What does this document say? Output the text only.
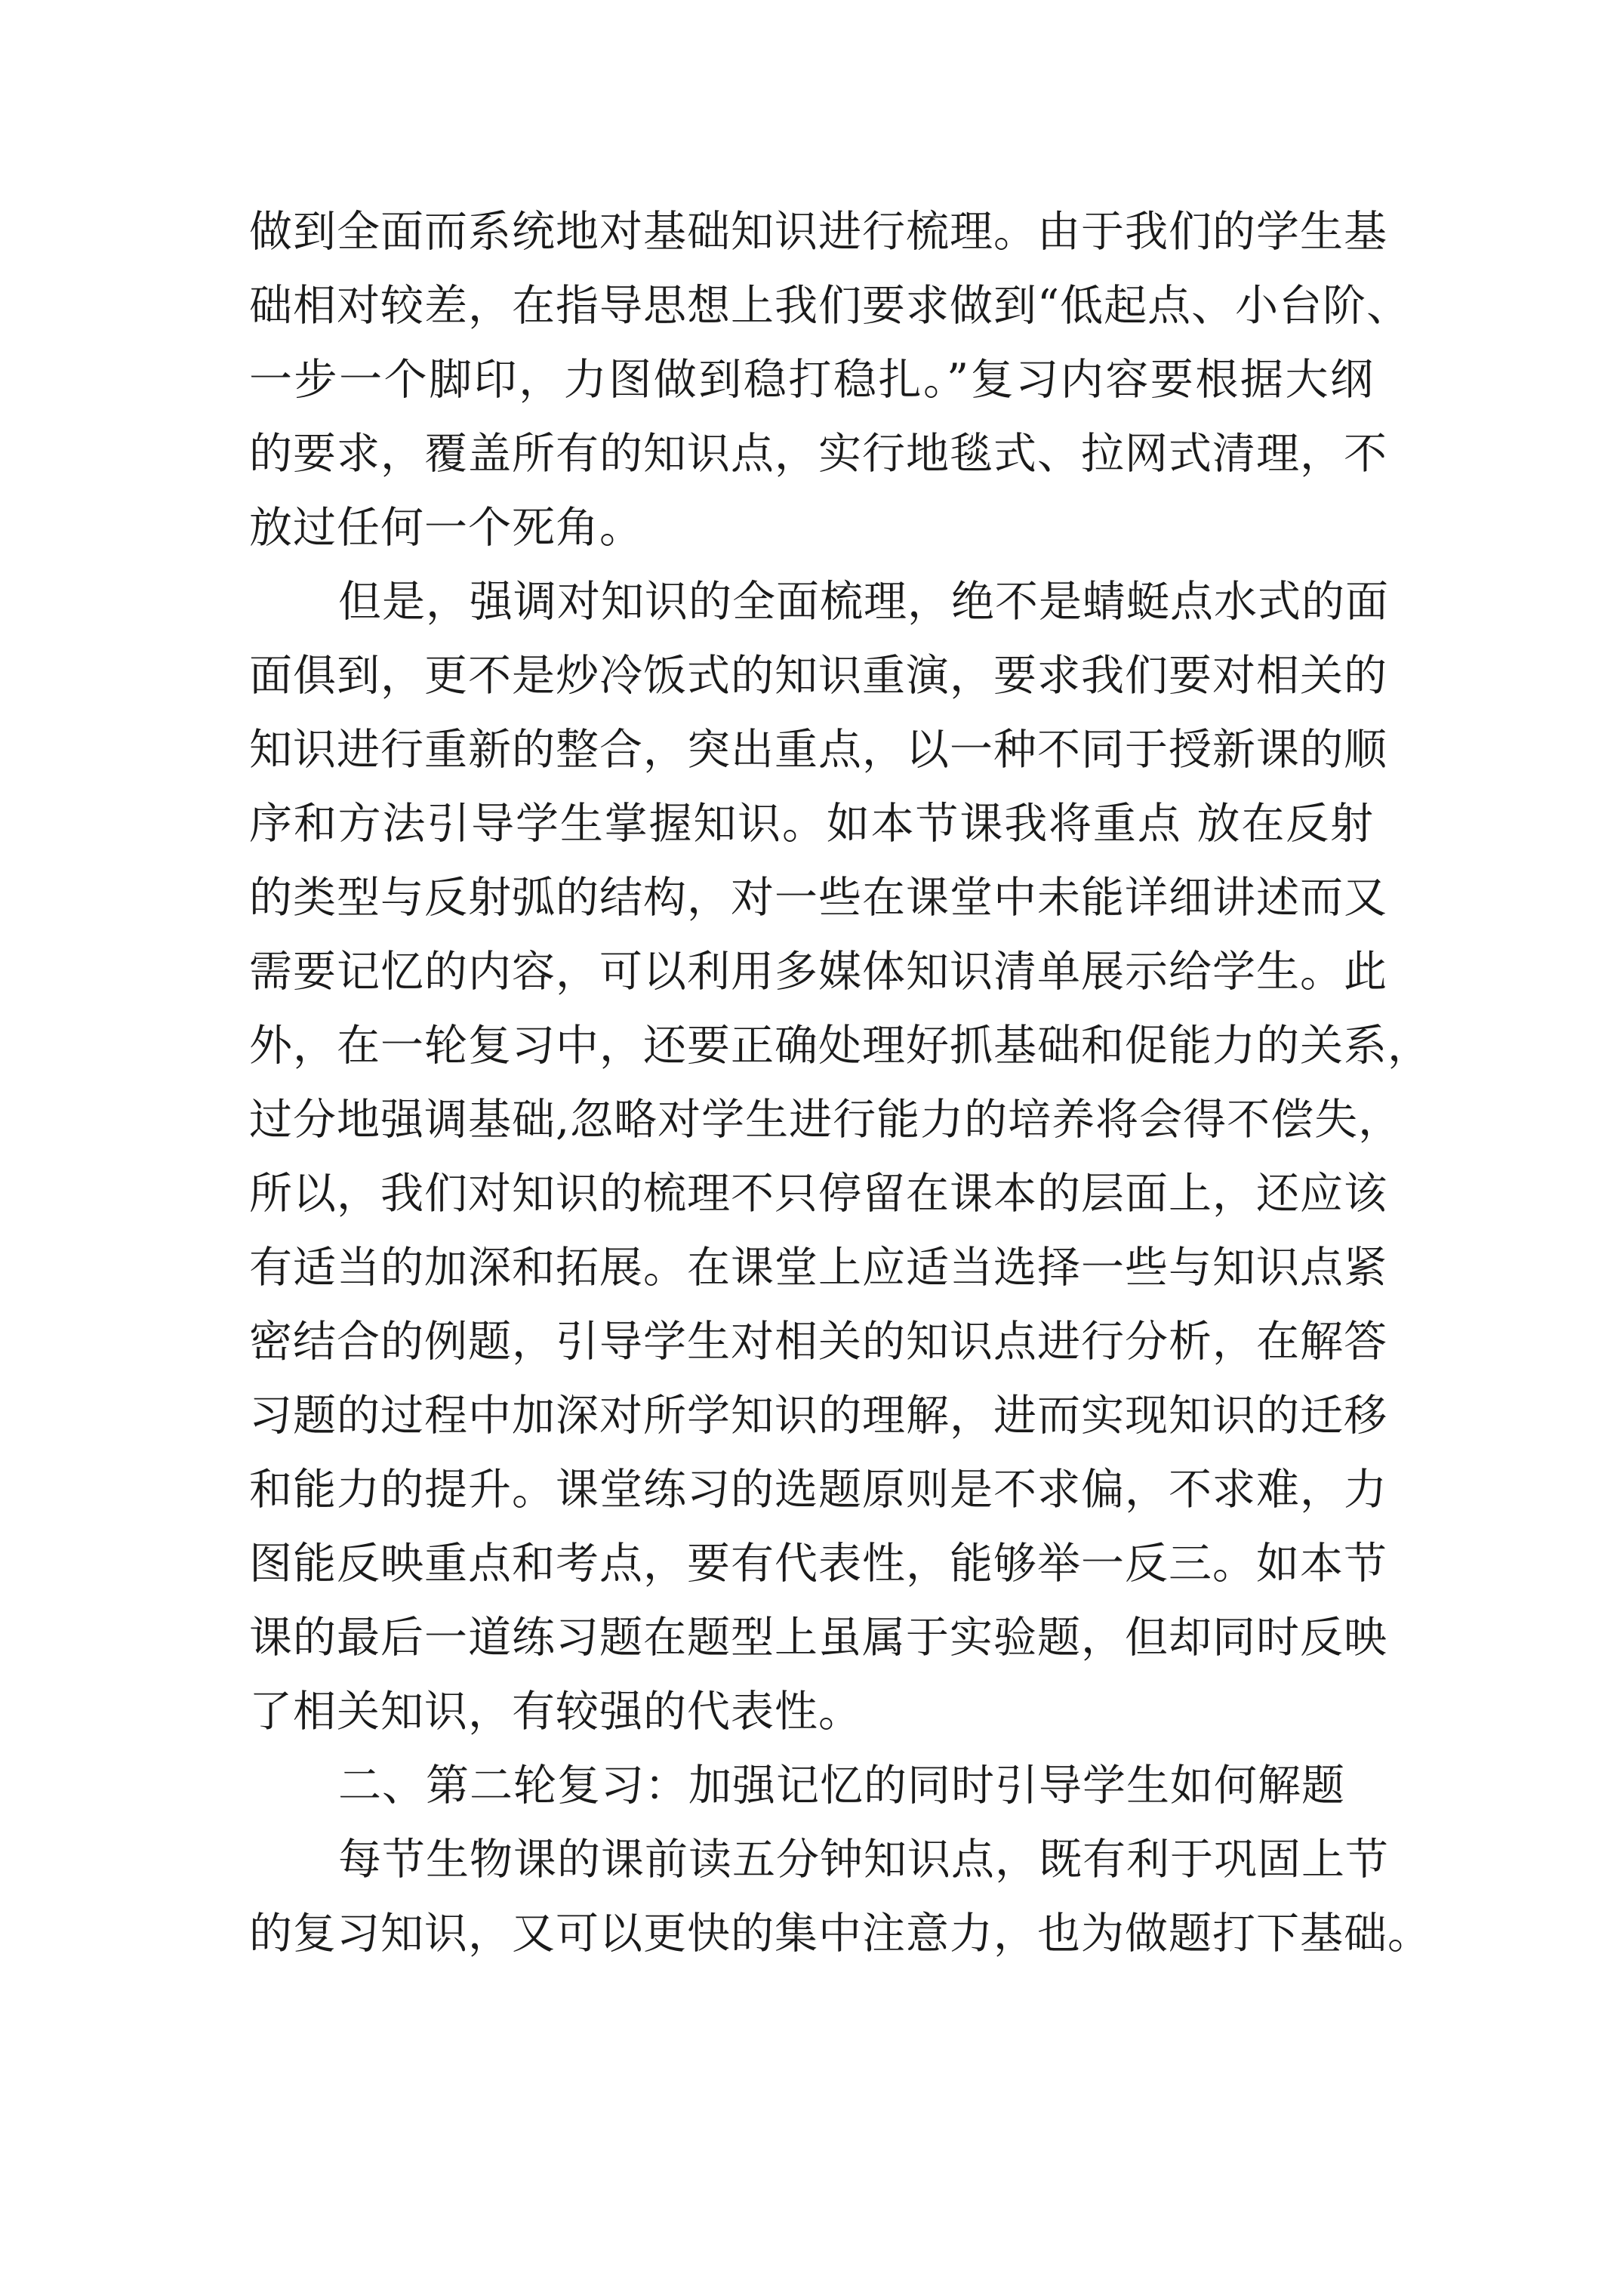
做到全面而系统地对基础知识进行梳理。由于我们的学生基
础相对较差，在指导思想上我们要求做到“低起点、小台阶、
一步一个脚印，力图做到稳打稳扎。”复习内容要根据大纲
的要求，覆盖所有的知识点，实行地毯式、拉网式清理，不
放过任何一个死角。
但是，强调对知识的全面梳理，绝不是蜻蜓点水式的面
面俱到，更不是炒冷饭式的知识重演，要求我们要对相关的
知识进行重新的整合，突出重点，以一种不同于授新课的顺
序和方法引导学生掌握知识。如本节课我将重点 放在反射
的类型与反射弧的结构，对一些在课堂中未能详细讲述而又
需要记忆的内容，可以利用多媒体知识清单展示给学生。此
外，在一轮复习中，还要正确处理好抓基础和促能力的关系，
过分地强调基础,忽略对学生进行能力的培养将会得不偿失，
所以，我们对知识的梳理不只停留在课本的层面上，还应该
有适当的加深和拓展。在课堂上应适当选择一些与知识点紧
密结合的例题，引导学生对相关的知识点进行分析，在解答
习题的过程中加深对所学知识的理解，进而实现知识的迁移
和能力的提升。课堂练习的选题原则是不求偏，不求难，力
图能反映重点和考点，要有代表性，能够举一反三。如本节
课的最后一道练习题在题型上虽属于实验题，但却同时反映
了相关知识，有较强的代表性。
二、第二轮复习：加强记忆的同时引导学生如何解题
每节生物课的课前读五分钟知识点，既有利于巩固上节
的复习知识，又可以更快的集中注意力，也为做题打下基础。
